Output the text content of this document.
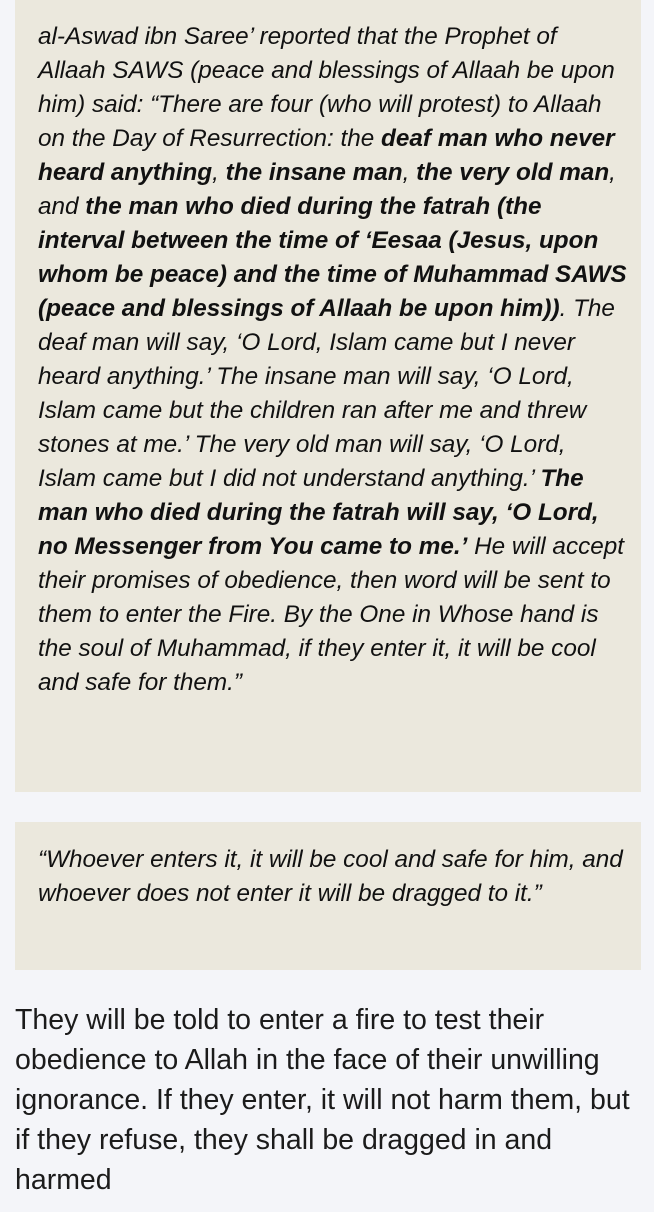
al-Aswad ibn Saree’ reported that the Prophet of Allaah SAWS (peace and blessings of Allaah be upon him) said: “There are four (who will protest) to Allaah on the Day of Resurrection: the deaf man who never heard anything, the insane man, the very old man, and the man who died during the fatrah (the interval between the time of ‘Eesaa (Jesus, upon whom be peace) and the time of Muhammad SAWS (peace and blessings of Allaah be upon him)). The deaf man will say, ‘O Lord, Islam came but I never heard anything.’ The insane man will say, ‘O Lord, Islam came but the children ran after me and threw stones at me.’ The very old man will say, ‘O Lord, Islam came but I did not understand anything.’ The man who died during the fatrah will say, ‘O Lord, no Messenger from You came to me.’ He will accept their promises of obedience, then word will be sent to them to enter the Fire. By the One in Whose hand is the soul of Muhammad, if they enter it, it will be cool and safe for them.”

“Whoever enters it, it will be cool and safe for him, and whoever does not enter it will be dragged to it.”

They will be told to enter a fire to test their obedience to Allah in the face of their unwilling ignorance. If they enter, it will not harm them, but if they refuse, they shall be dragged in and harmed
